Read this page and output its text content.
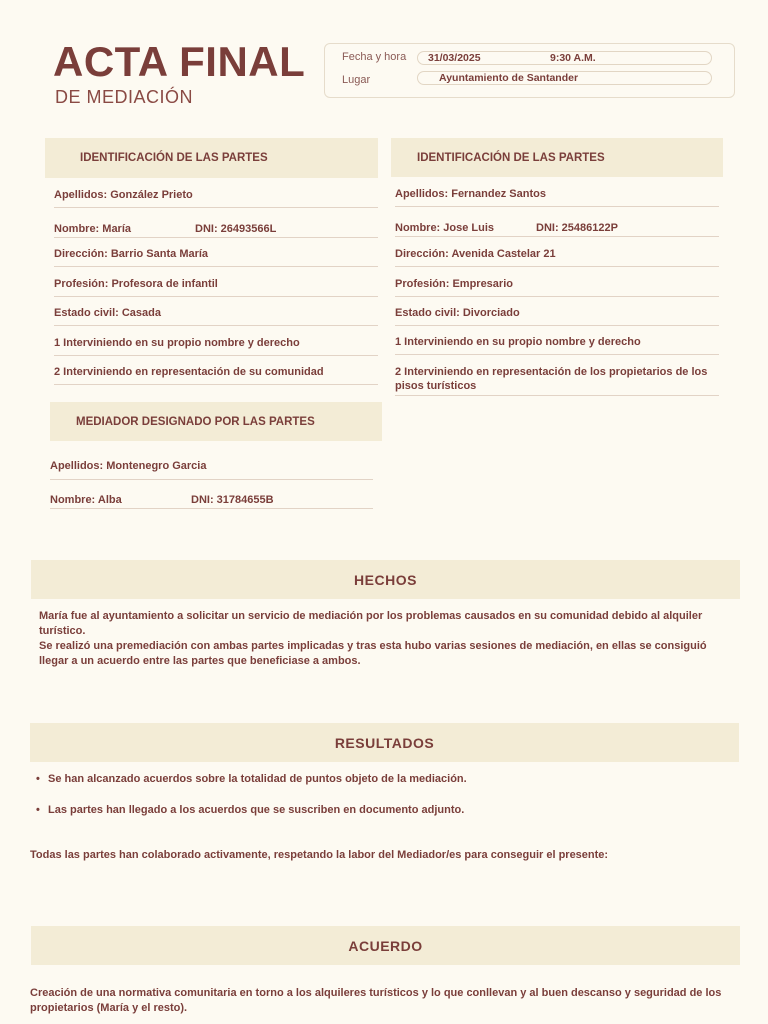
ACTA FINAL
DE MEDIACIÓN
Fecha y hora 31/03/2025	9:30 A.M.
Lugar	Ayuntamiento de Santander
IDENTIFICACIÓN DE LAS PARTES
Apellidos: González Prieto
Nombre: María	DNI: 26493566L
Dirección: Barrio Santa María
Profesión: Profesora de infantil
Estado civil: Casada
1 Interviniendo en su propio nombre y derecho
2 Interviniendo en representación de su comunidad
IDENTIFICACIÓN DE LAS PARTES
Apellidos: Fernandez Santos
Nombre: Jose Luis	DNI: 25486122P
Dirección: Avenida Castelar 21
Profesión: Empresario
Estado civil: Divorciado
1 Interviniendo en su propio nombre y derecho
2 Interviniendo en representación de los propietarios de los pisos turísticos
MEDIADOR DESIGNADO POR LAS PARTES
Apellidos: Montenegro Garcia
Nombre: Alba	DNI: 31784655B
HECHOS
María fue al ayuntamiento a solicitar un servicio de mediación por los problemas causados en su comunidad debido al alquiler turístico.
Se realizó una premediación con ambas partes implicadas y tras esta hubo varias sesiones de mediación, en ellas se consiguió llegar a un acuerdo entre las partes que beneficiase a ambos.
RESULTADOS
• Se han alcanzado acuerdos sobre la totalidad de puntos objeto de la mediación.
• Las partes han llegado a los acuerdos que se suscriben en documento adjunto.
Todas las partes han colaborado activamente, respetando la labor del Mediador/es para conseguir el presente:
ACUERDO
Creación de una normativa comunitaria en torno a los alquileres turísticos y lo que conllevan y al buen descanso y seguridad de los propietarios (María y el resto).
